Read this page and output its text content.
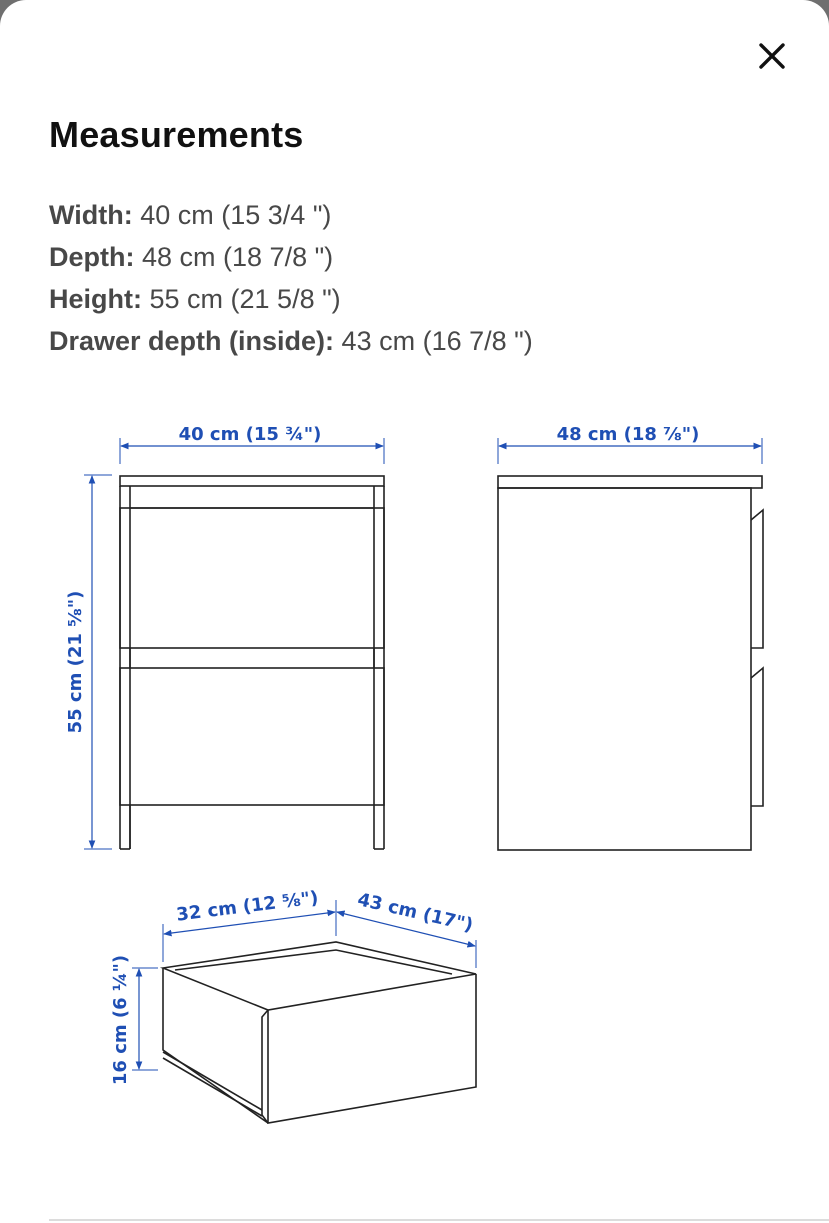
Measurements
Width: 40 cm (15 3/4 ")
Depth: 48 cm (18 7/8 ")
Height: 55 cm (21 5/8 ")
Drawer depth (inside): 43 cm (16 7/8 ")
40 cm (15 ¾")
55 cm (21 ⅝")
48 cm (18 ⅞")
32 cm (12 ⅝") 43 cm (17")
16 cm (6 ¼")
